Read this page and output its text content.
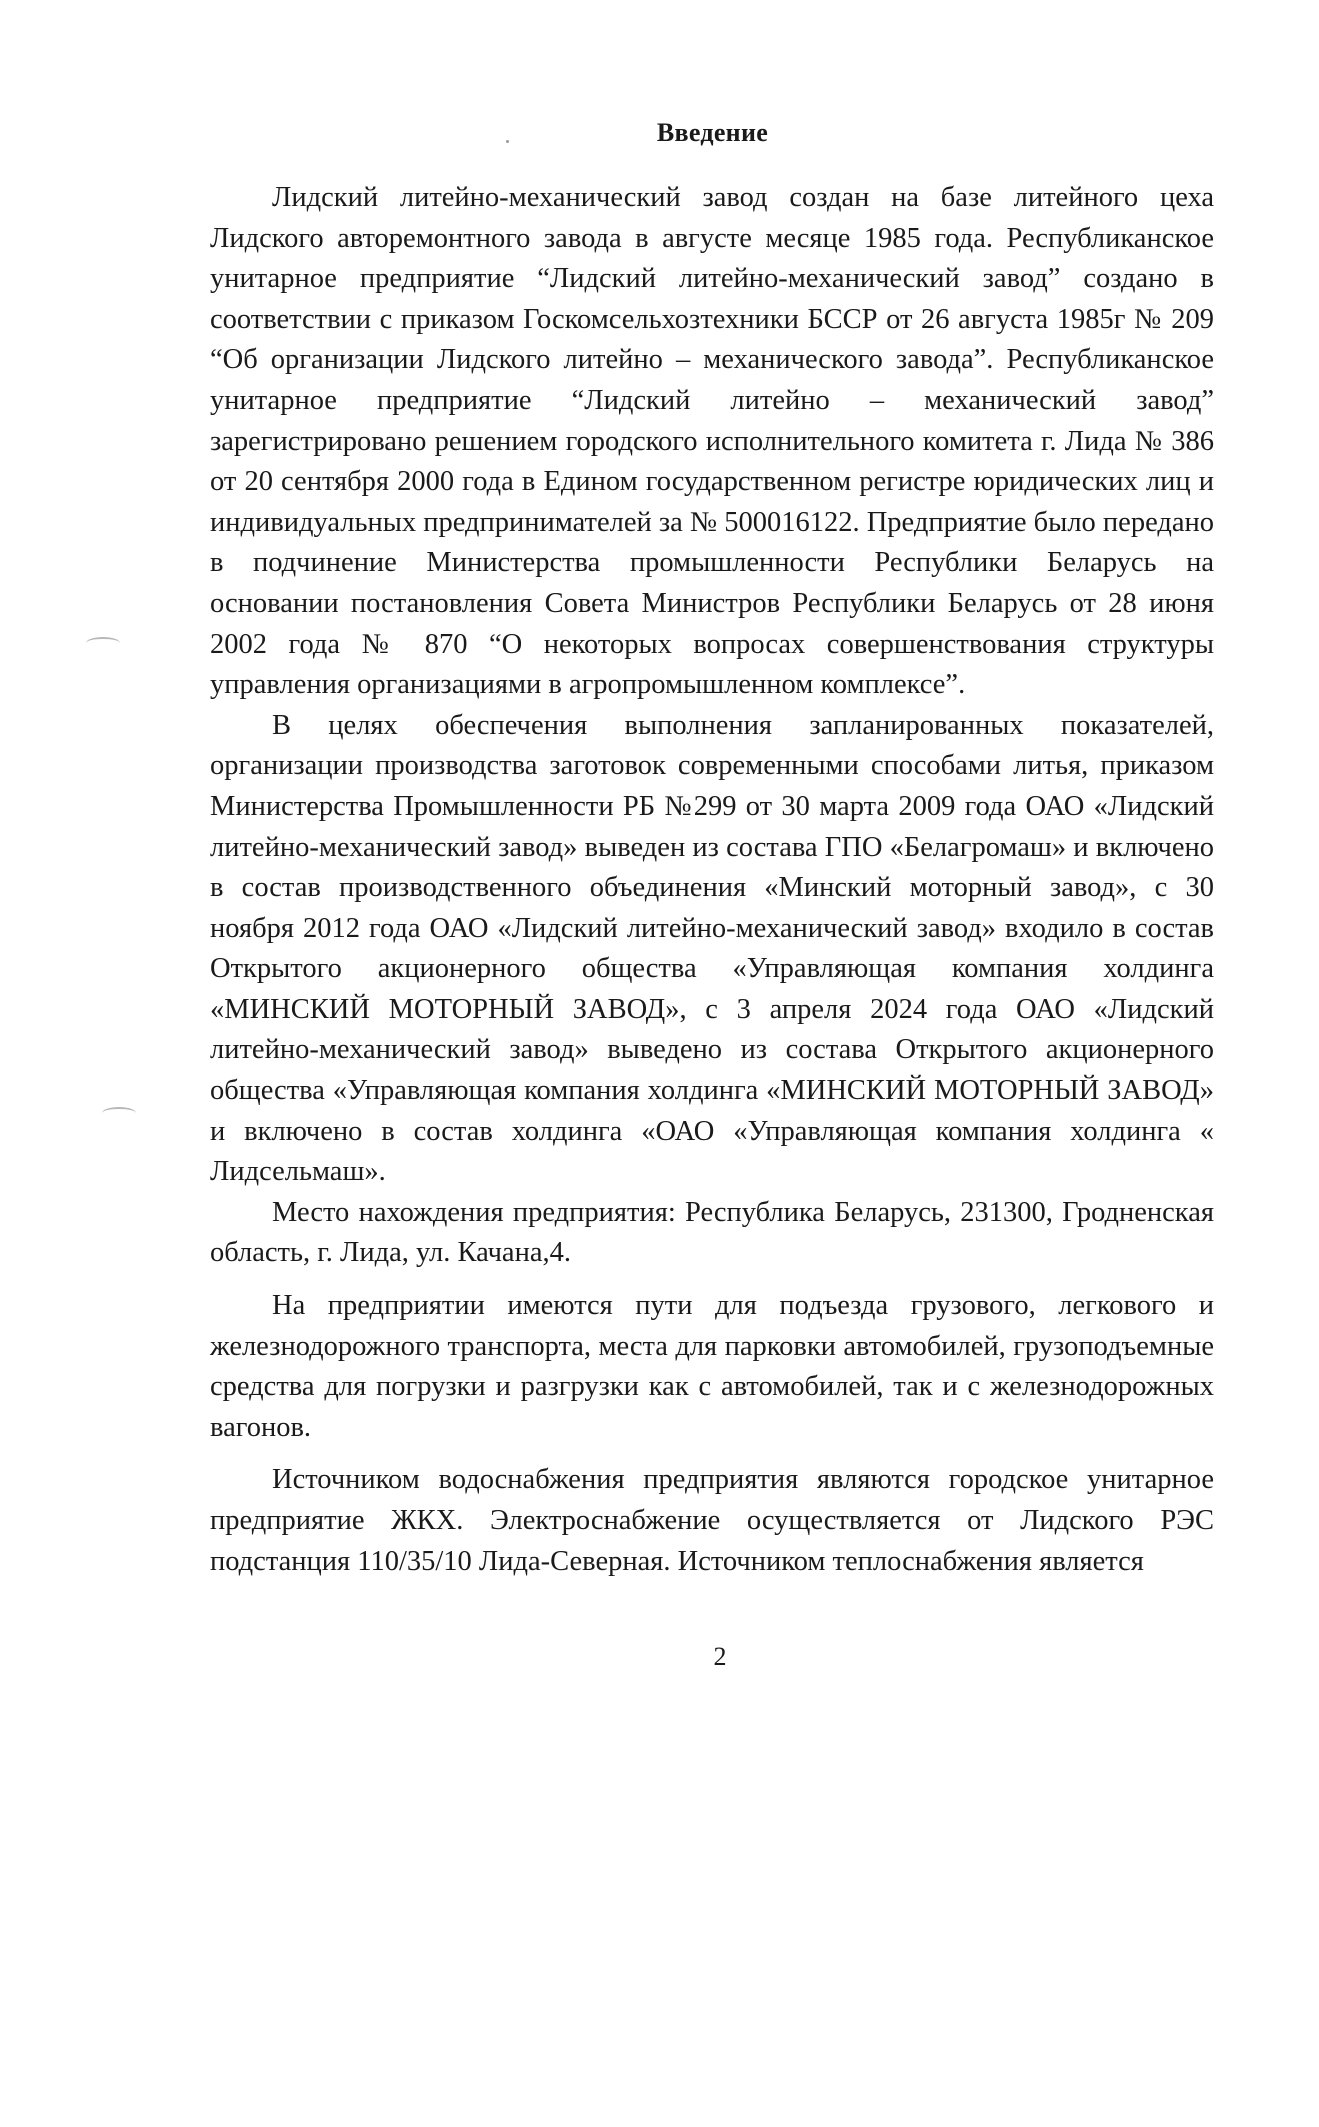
Введение

Лидский литейно-механический завод создан на базе литейного цеха Лидского авторемонтного завода в августе месяце 1985 года. Республиканское унитарное предприятие “Лидский литейно-механический завод” создано в соответствии с приказом Госкомсельхозтехники БССР от 26 августа 1985г № 209 “Об организации Лидского литейно – механического завода”. Республиканское унитарное предприятие “Лидский литейно – механический завод” зарегистрировано решением городского исполнительного комитета г. Лида № 386 от 20 сентября 2000 года в Едином государственном регистре юридических лиц и индивидуальных предпринимателей за № 500016122. Предприятие было передано в подчинение Министерства промышленности Республики Беларусь на основании постановления Совета Министров Республики Беларусь от 28 июня 2002 года № 870 “О некоторых вопросах совершенствования структуры управления организациями в агропромышленном комплексе”.

В целях обеспечения выполнения запланированных показателей, организации производства заготовок современными способами литья, приказом Министерства Промышленности РБ №299 от 30 марта 2009 года ОАО «Лидский литейно-механический завод» выведен из состава ГПО «Белагромаш» и включено в состав производственного объединения «Минский моторный завод», с 30 ноября 2012 года ОАО «Лидский литейно-механический завод» входило в состав Открытого акционерного общества «Управляющая компания холдинга «МИНСКИЙ МОТОРНЫЙ ЗАВОД», с 3 апреля 2024 года ОАО «Лидский литейно-механический завод» выведено из состава Открытого акционерного общества «Управляющая компания холдинга «МИНСКИЙ МОТОРНЫЙ ЗАВОД» и включено в состав холдинга «ОАО «Управляющая компания холдинга « Лидсельмаш».

Место нахождения предприятия: Республика Беларусь, 231300, Гродненская область, г. Лида, ул. Качана,4.

На предприятии имеются пути для подъезда грузового, легкового и железнодорожного транспорта, места для парковки автомобилей, грузоподъемные средства для погрузки и разгрузки как с автомобилей, так и с железнодорожных вагонов.

Источником водоснабжения предприятия являются городское унитарное предприятие ЖКХ. Электроснабжение осуществляется от Лидского РЭС подстанция 110/35/10 Лида-Северная. Источником теплоснабжения является

2
